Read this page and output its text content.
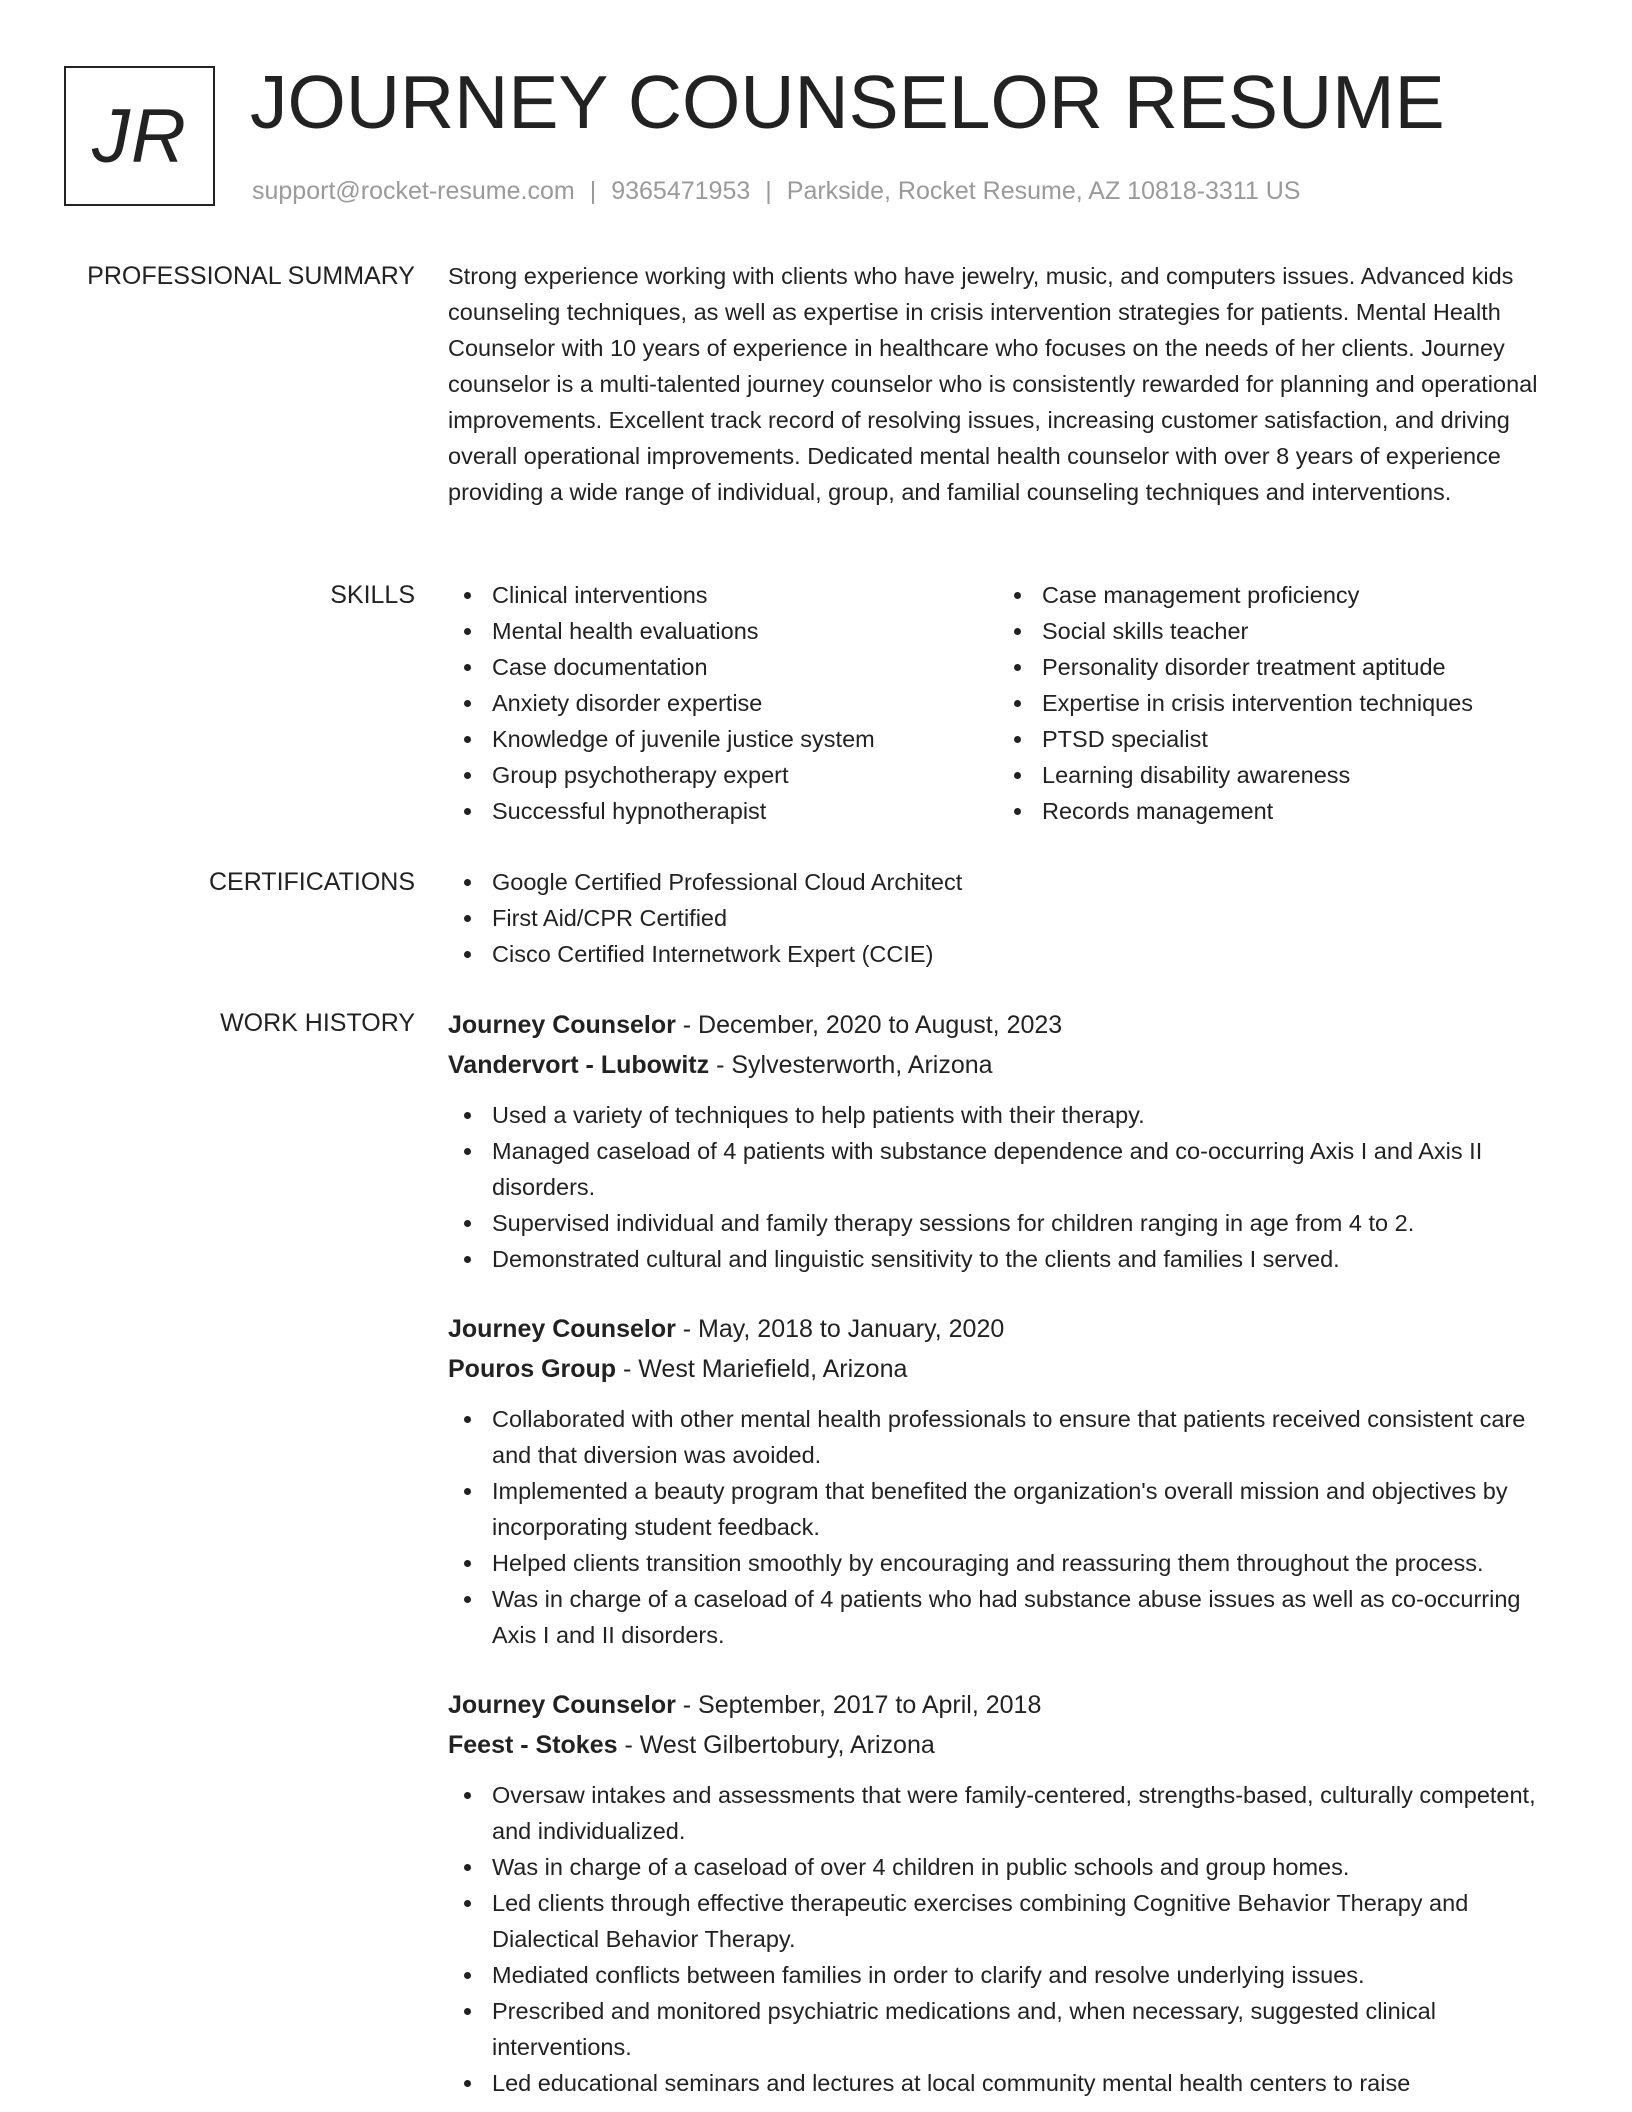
JR JOURNEY COUNSELOR RESUME
support@rocket-resume.com | 9365471953 | Parkside, Rocket Resume, AZ 10818-3311 US
PROFESSIONAL SUMMARY Strong experience working with clients who have jewelry, music, and computers issues. Advanced kids counseling techniques, as well as expertise in crisis intervention strategies for patients. Mental Health Counselor with 10 years of experience in healthcare who focuses on the needs of her clients. Journey counselor is a multi-talented journey counselor who is consistently rewarded for planning and operational improvements. Excellent track record of resolving issues, increasing customer satisfaction, and driving overall operational improvements. Dedicated mental health counselor with over 8 years of experience providing a wide range of individual, group, and familial counseling techniques and interventions.

SKILLS	Clinical interventions
Mental health evaluations
Case documentation
Anxiety disorder expertise
Knowledge of juvenile justice system
Group psychotherapy expert
Successful hypnotherapist
Case management proficiency
Social skills teacher
Personality disorder treatment aptitude
Expertise in crisis intervention techniques
PTSD specialist
Learning disability awareness
Records management
CERTIFICATIONS	Google Certified Professional Cloud Architect
First Aid/CPR Certified
Cisco Certified Internetwork Expert (CCIE)
WORK HISTORY Journey Counselor - December, 2020 to August, 2023
Vandervort - Lubowitz - Sylvesterworth, Arizona
Used a variety of techniques to help patients with their therapy.
Managed caseload of 4 patients with substance dependence and co-occurring Axis I and Axis II disorders.
Supervised individual and family therapy sessions for children ranging in age from 4 to 2.
Demonstrated cultural and linguistic sensitivity to the clients and families I served.
Journey Counselor - May, 2018 to January, 2020
Pouros Group - West Mariefield, Arizona
Collaborated with other mental health professionals to ensure that patients received consistent care and that diversion was avoided.
Implemented a beauty program that benefited the organization's overall mission and objectives by incorporating student feedback.
Helped clients transition smoothly by encouraging and reassuring them throughout the process.
Was in charge of a caseload of 4 patients who had substance abuse issues as well as co-occurring Axis I and II disorders.
Journey Counselor - September, 2017 to April, 2018
Feest - Stokes - West Gilbertobury, Arizona
Oversaw intakes and assessments that were family-centered, strengths-based, culturally competent, and individualized.
Was in charge of a caseload of over 4 children in public schools and group homes.
Led clients through effective therapeutic exercises combining Cognitive Behavior Therapy and Dialectical Behavior Therapy.
Mediated conflicts between families in order to clarify and resolve underlying issues.
Prescribed and monitored psychiatric medications and, when necessary, suggested clinical interventions.
Led educational seminars and lectures at local community mental health centers to raise
